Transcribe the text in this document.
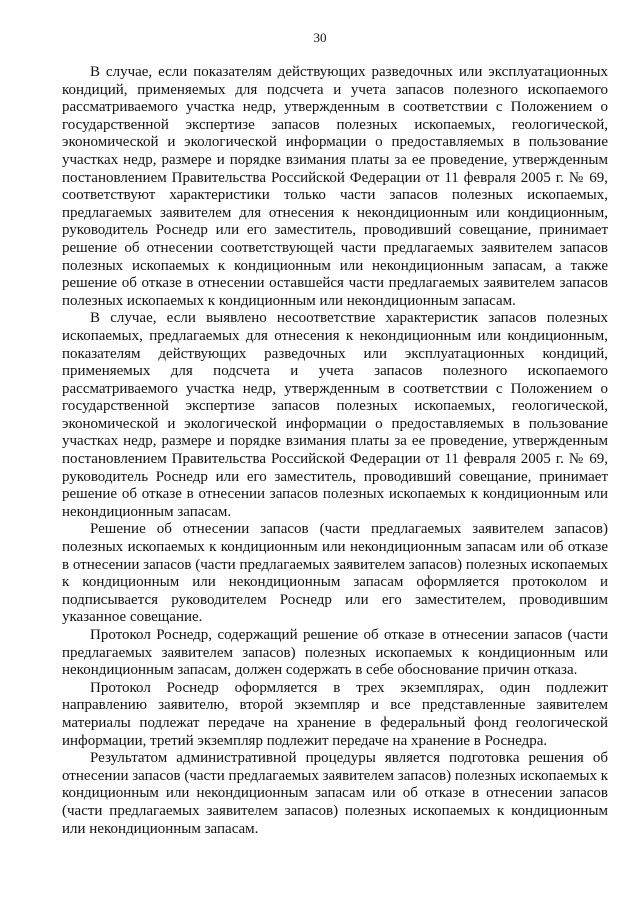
30

В случае, если показателям действующих разведочных или эксплуатационных кондиций, применяемых для подсчета и учета запасов полезного ископаемого рассматриваемого участка недр, утвержденным в соответствии с Положением о государственной экспертизе запасов полезных ископаемых, геологической, экономической и экологической информации о предоставляемых в пользование участках недр, размере и порядке взимания платы за ее проведение, утвержденным постановлением Правительства Российской Федерации от 11 февраля 2005 г. № 69, соответствуют характеристики только части запасов полезных ископаемых, предлагаемых заявителем для отнесения к некондиционным или кондиционным, руководитель Роснедр или его заместитель, проводивший совещание, принимает решение об отнесении соответствующей части предлагаемых заявителем запасов полезных ископаемых к кондиционным или некондиционным запасам, а также решение об отказе в отнесении оставшейся части предлагаемых заявителем запасов полезных ископаемых к кондиционным или некондиционным запасам.

В случае, если выявлено несоответствие характеристик запасов полезных ископаемых, предлагаемых для отнесения к некондиционным или кондиционным, показателям действующих разведочных или эксплуатационных кондиций, применяемых для подсчета и учета запасов полезного ископаемого рассматриваемого участка недр, утвержденным в соответствии с Положением о государственной экспертизе запасов полезных ископаемых, геологической, экономической и экологической информации о предоставляемых в пользование участках недр, размере и порядке взимания платы за ее проведение, утвержденным постановлением Правительства Российской Федерации от 11 февраля 2005 г. № 69, руководитель Роснедр или его заместитель, проводивший совещание, принимает решение об отказе в отнесении запасов полезных ископаемых к кондиционным или некондиционным запасам.

Решение об отнесении запасов (части предлагаемых заявителем запасов) полезных ископаемых к кондиционным или некондиционным запасам или об отказе в отнесении запасов (части предлагаемых заявителем запасов) полезных ископаемых к кондиционным или некондиционным запасам оформляется протоколом и подписывается руководителем Роснедр или его заместителем, проводившим указанное совещание.

Протокол Роснедр, содержащий решение об отказе в отнесении запасов (части предлагаемых заявителем запасов) полезных ископаемых к кондиционным или некондиционным запасам, должен содержать в себе обоснование причин отказа.

Протокол Роснедр оформляется в трех экземплярах, один подлежит направлению заявителю, второй экземпляр и все представленные заявителем материалы подлежат передаче на хранение в федеральный фонд геологической информации, третий экземпляр подлежит передаче на хранение в Роснедра.

Результатом административной процедуры является подготовка решения об отнесении запасов (части предлагаемых заявителем запасов) полезных ископаемых к кондиционным или некондиционным запасам или об отказе в отнесении запасов (части предлагаемых заявителем запасов) полезных ископаемых к кондиционным или некондиционным запасам.
